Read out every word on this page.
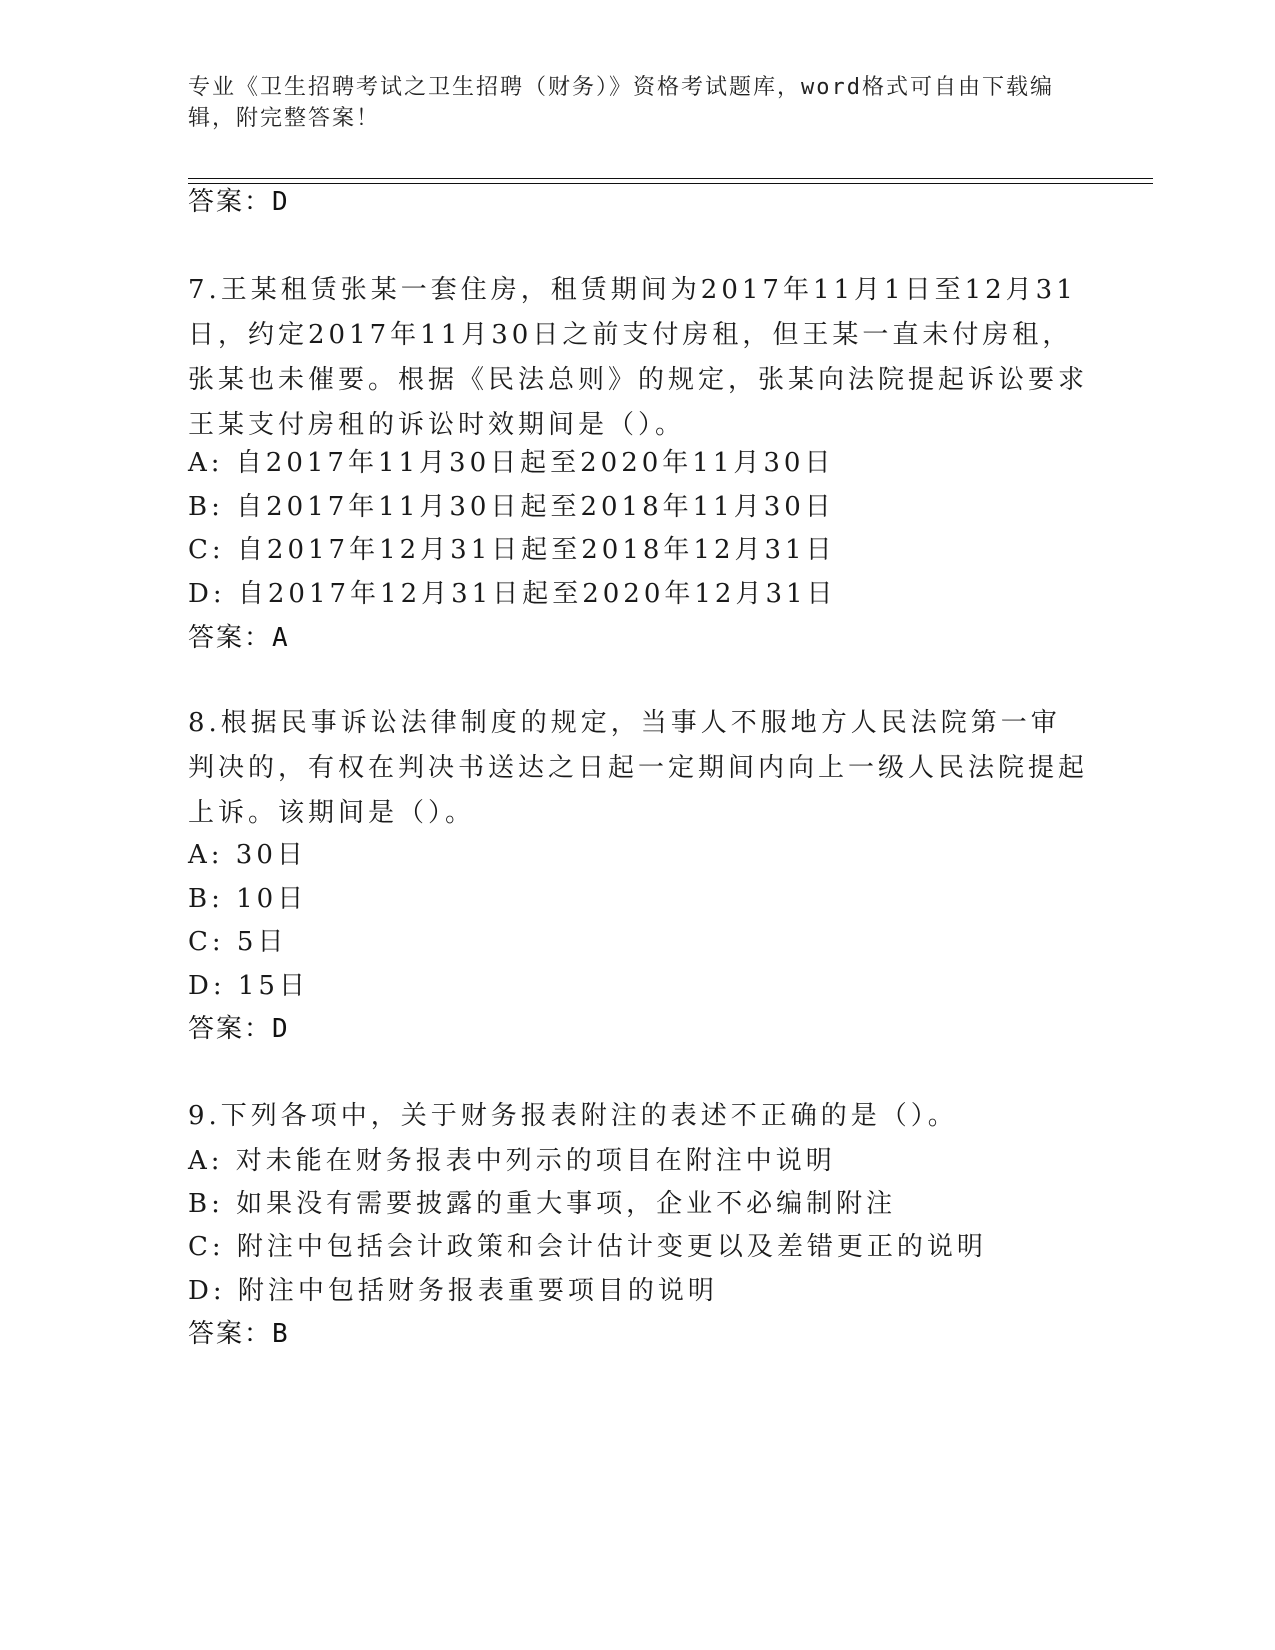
专业《卫生招聘考试之卫生招聘（财务）》资格考试题库，word格式可自由下载编辑，附完整答案！
答案：D
7.王某租赁张某一套住房，租赁期间为2017年11月1日至12月31日，约定2017年11月30日之前支付房租，但王某一直未付房租，张某也未催要。根据《民法总则》的规定，张某向法院提起诉讼要求王某支付房租的诉讼时效期间是（）。
A: 自2017年11月30日起至2020年11月30日
B: 自2017年11月30日起至2018年11月30日
C: 自2017年12月31日起至2018年12月31日
D: 自2017年12月31日起至2020年12月31日
答案：A
8.根据民事诉讼法律制度的规定，当事人不服地方人民法院第一审判决的，有权在判决书送达之日起一定期间内向上一级人民法院提起上诉。该期间是（）。
A: 30日
B: 10日
C: 5日
D: 15日
答案：D
9.下列各项中，关于财务报表附注的表述不正确的是（）。
A: 对未能在财务报表中列示的项目在附注中说明
B: 如果没有需要披露的重大事项，企业不必编制附注
C: 附注中包括会计政策和会计估计变更以及差错更正的说明
D: 附注中包括财务报表重要项目的说明
答案：B
